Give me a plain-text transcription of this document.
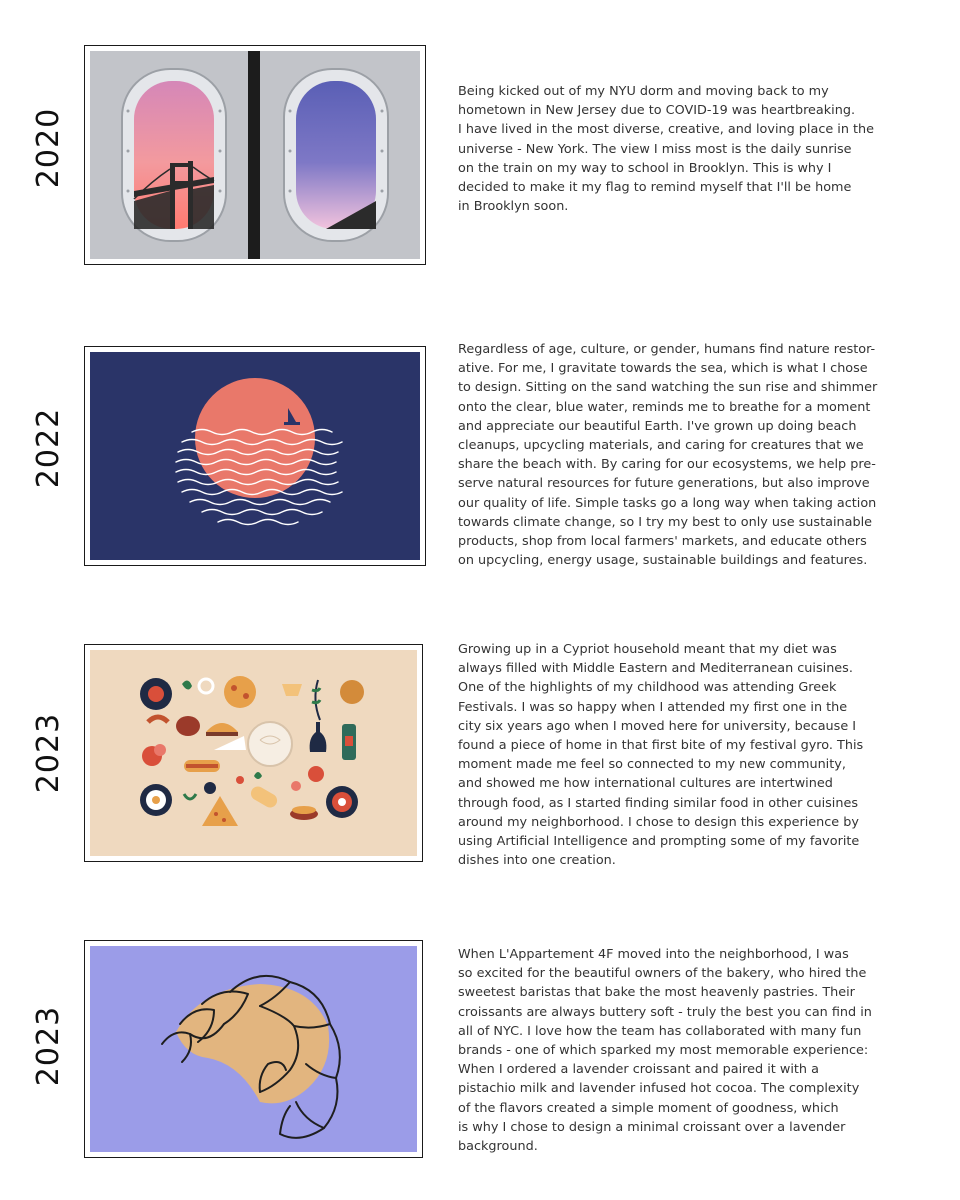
2020

Being kicked out of my NYU dorm and moving back to my
hometown in New Jersey due to COVID-19 was heartbreaking.
I have lived in the most diverse, creative, and loving place in the
universe - New York. The view I miss most is the daily sunrise
on the train on my way to school in Brooklyn. This is why I
decided to make it my flag to remind myself that I'll be home
in Brooklyn soon.

2022

Regardless of age, culture, or gender, humans find nature restor-
ative. For me, I gravitate towards the sea, which is what I chose
to design. Sitting on the sand watching the sun rise and shimmer
onto the clear, blue water, reminds me to breathe for a moment
and appreciate our beautiful Earth. I've grown up doing beach
cleanups, upcycling materials, and caring for creatures that we
share the beach with. By caring for our ecosystems, we help pre-
serve natural resources for future generations, but also improve
our quality of life. Simple tasks go a long way when taking action
towards climate change, so I try my best to only use sustainable
products, shop from local farmers' markets, and educate others
on upcycling, energy usage, sustainable buildings and features.

2023

Growing up in a Cypriot household meant that my diet was
always filled with Middle Eastern and Mediterranean cuisines.
One of the highlights of my childhood was attending Greek
Festivals. I was so happy when I attended my first one in the
city six years ago when I moved here for university, because I
found a piece of home in that first bite of my festival gyro. This
moment made me feel so connected to my new community,
and showed me how international cultures are intertwined
through food, as I started finding similar food in other cuisines
around my neighborhood. I chose to design this experience by
using Artificial Intelligence and prompting some of my favorite
dishes into one creation.

2023

When L'Appartement 4F moved into the neighborhood, I was
so excited for the beautiful owners of the bakery, who hired the
sweetest baristas that bake the most heavenly pastries. Their
croissants are always buttery soft - truly the best you can find in
all of NYC. I love how the team has collaborated with many fun
brands - one of which sparked my most memorable experience:
When I ordered a lavender croissant and paired it with a
pistachio milk and lavender infused hot cocoa. The complexity
of the flavors created a simple moment of goodness, which
is why I chose to design a minimal croissant over a lavender
background.
